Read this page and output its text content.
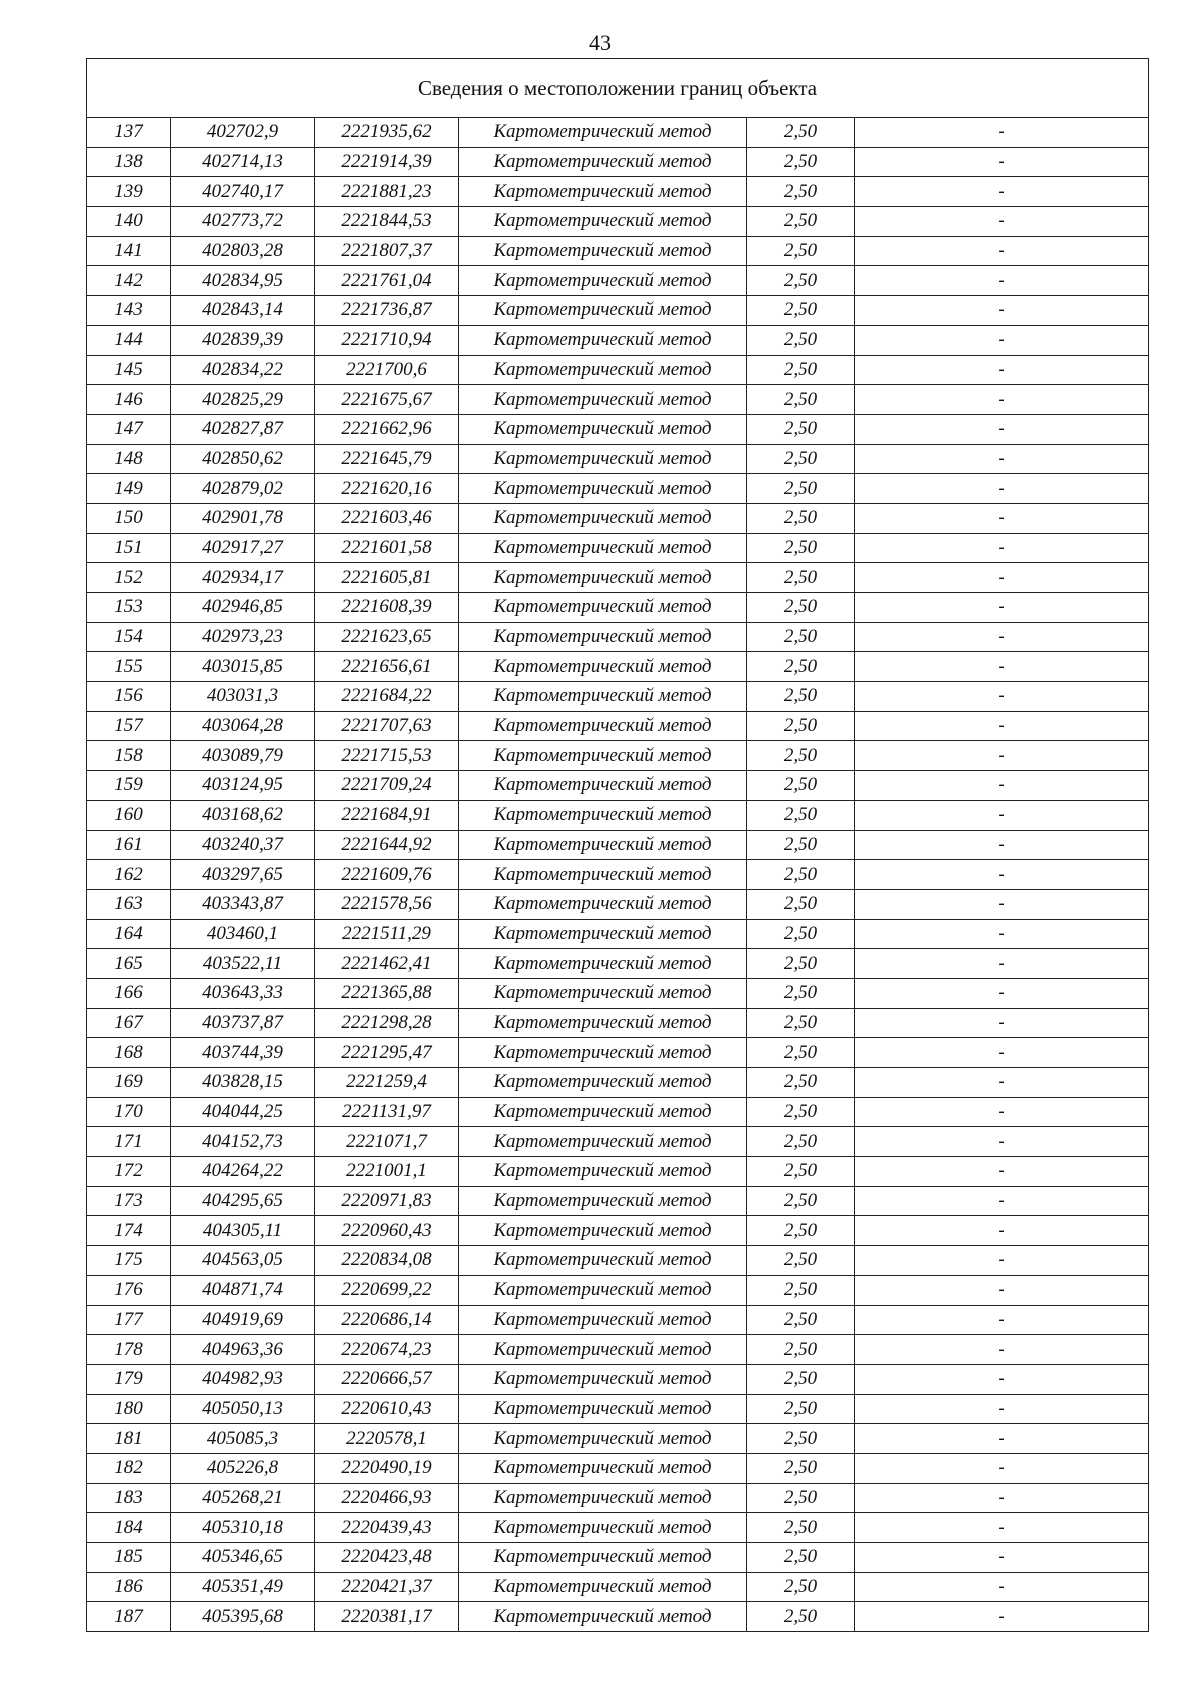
43
Сведения о местоположении границ объекта					
137	402702,9	2221935,62	Картометрический метод	2,50	-
138	402714,13	2221914,39	Картометрический метод	2,50	-
139	402740,17	2221881,23	Картометрический метод	2,50	-
140	402773,72	2221844,53	Картометрический метод	2,50	-
141	402803,28	2221807,37	Картометрический метод	2,50	-
142	402834,95	2221761,04	Картометрический метод	2,50	-
143	402843,14	2221736,87	Картометрический метод	2,50	-
144	402839,39	2221710,94	Картометрический метод	2,50	-
145	402834,22	2221700,6	Картометрический метод	2,50	-
146	402825,29	2221675,67	Картометрический метод	2,50	-
147	402827,87	2221662,96	Картометрический метод	2,50	-
148	402850,62	2221645,79	Картометрический метод	2,50	-
149	402879,02	2221620,16	Картометрический метод	2,50	-
150	402901,78	2221603,46	Картометрический метод	2,50	-
151	402917,27	2221601,58	Картометрический метод	2,50	-
152	402934,17	2221605,81	Картометрический метод	2,50	-
153	402946,85	2221608,39	Картометрический метод	2,50	-
154	402973,23	2221623,65	Картометрический метод	2,50	-
155	403015,85	2221656,61	Картометрический метод	2,50	-
156	403031,3	2221684,22	Картометрический метод	2,50	-
157	403064,28	2221707,63	Картометрический метод	2,50	-
158	403089,79	2221715,53	Картометрический метод	2,50	-
159	403124,95	2221709,24	Картометрический метод	2,50	-
160	403168,62	2221684,91	Картометрический метод	2,50	-
161	403240,37	2221644,92	Картометрический метод	2,50	-
162	403297,65	2221609,76	Картометрический метод	2,50	-
163	403343,87	2221578,56	Картометрический метод	2,50	-
164	403460,1	2221511,29	Картометрический метод	2,50	-
165	403522,11	2221462,41	Картометрический метод	2,50	-
166	403643,33	2221365,88	Картометрический метод	2,50	-
167	403737,87	2221298,28	Картометрический метод	2,50	-
168	403744,39	2221295,47	Картометрический метод	2,50	-
169	403828,15	2221259,4	Картометрический метод	2,50	-
170	404044,25	2221131,97	Картометрический метод	2,50	-
171	404152,73	2221071,7	Картометрический метод	2,50	-
172	404264,22	2221001,1	Картометрический метод	2,50	-
173	404295,65	2220971,83	Картометрический метод	2,50	-
174	404305,11	2220960,43	Картометрический метод	2,50	-
175	404563,05	2220834,08	Картометрический метод	2,50	-
176	404871,74	2220699,22	Картометрический метод	2,50	-
177	404919,69	2220686,14	Картометрический метод	2,50	-
178	404963,36	2220674,23	Картометрический метод	2,50	-
179	404982,93	2220666,57	Картометрический метод	2,50	-
180	405050,13	2220610,43	Картометрический метод	2,50	-
181	405085,3	2220578,1	Картометрический метод	2,50	-
182	405226,8	2220490,19	Картометрический метод	2,50	-
183	405268,21	2220466,93	Картометрический метод	2,50	-
184	405310,18	2220439,43	Картометрический метод	2,50	-
185	405346,65	2220423,48	Картометрический метод	2,50	-
186	405351,49	2220421,37	Картометрический метод	2,50	-
187	405395,68	2220381,17	Картометрический метод	2,50	-
